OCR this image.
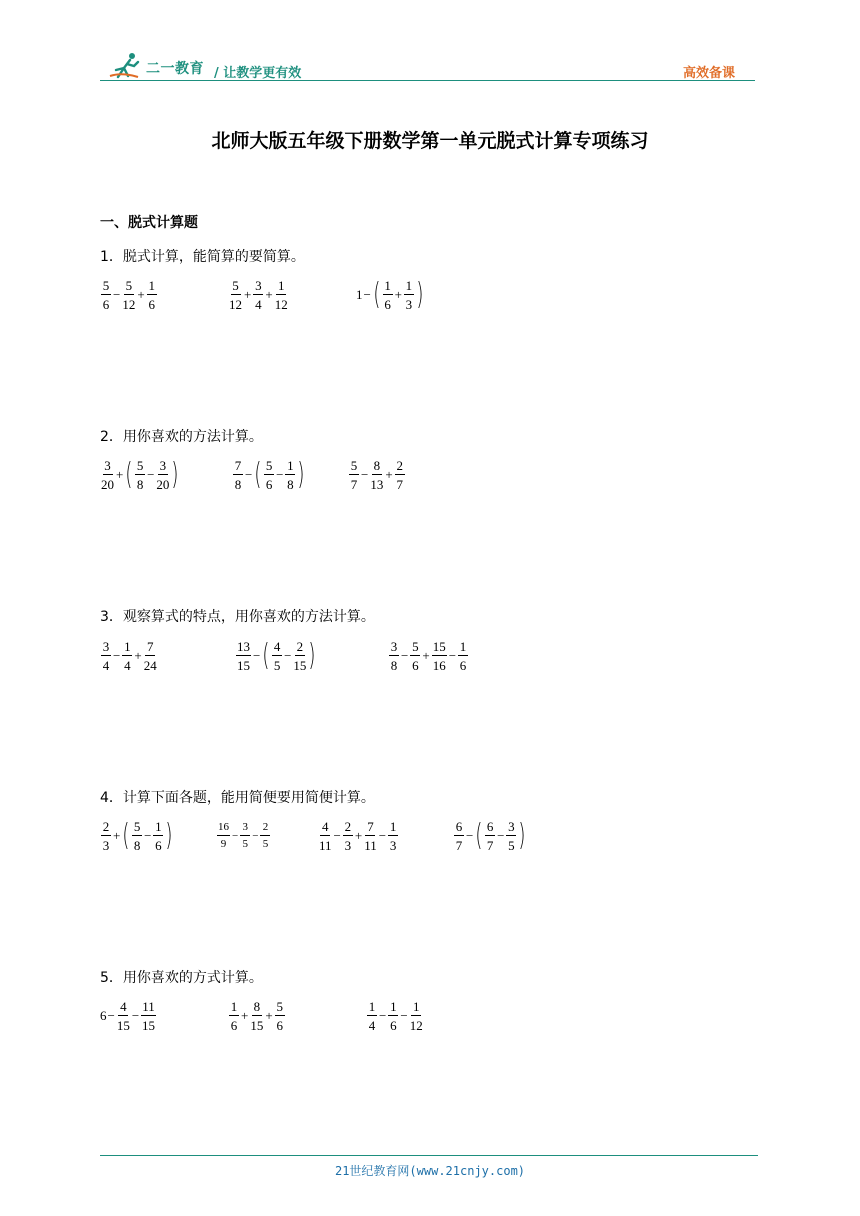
二一教育 / 让教学更有效	高效备课
北师大版五年级下册数学第一单元脱式计算专项练习
一、脱式计算题
1．脱式计算，能简算的要简算。
2．用你喜欢的方法计算。
3．观察算式的特点，用你喜欢的方法计算。
4．计算下面各题，能用简便要用简便计算。
5．用你喜欢的方式计算。
$\frac{5}{6} - \frac{5}{12} + \frac{1}{6}$	$\frac{5}{12} + \frac{3}{4} + \frac{1}{12}$	1 − ( $\frac{1}{6} + \frac{1}{3}$ )
$\frac{3}{20}$ + ( $\frac{5}{8} - \frac{3}{20}$ )	$\frac{7}{8}$ − ( $\frac{5}{6} - \frac{1}{8}$ )	$\frac{5}{7} - \frac{8}{13} + \frac{2}{7}$
$\frac{3}{4} - \frac{1}{4} + \frac{7}{24}$	$\frac{13}{15}$ − ( $\frac{4}{5} - \frac{2}{15}$ )	$\frac{3}{8} - \frac{5}{6} + \frac{15}{16} - \frac{1}{6}$
$\frac{2}{3}$ + ( $\frac{5}{8} - \frac{1}{6}$ )	$\frac{16}{9} - \frac{3}{5} - \frac{2}{5}$	$\frac{4}{11} - \frac{2}{3} + \frac{7}{11} - \frac{1}{3}$	$\frac{6}{7}$ − ( $\frac{6}{7} - \frac{3}{5}$ )
$6 - \frac{4}{15} - \frac{11}{15}$	$\frac{1}{6} + \frac{8}{15} + \frac{5}{6}$	$\frac{1}{4} - \frac{1}{6} - \frac{1}{12}$
21世纪教育网(www.21cnjy.com)
